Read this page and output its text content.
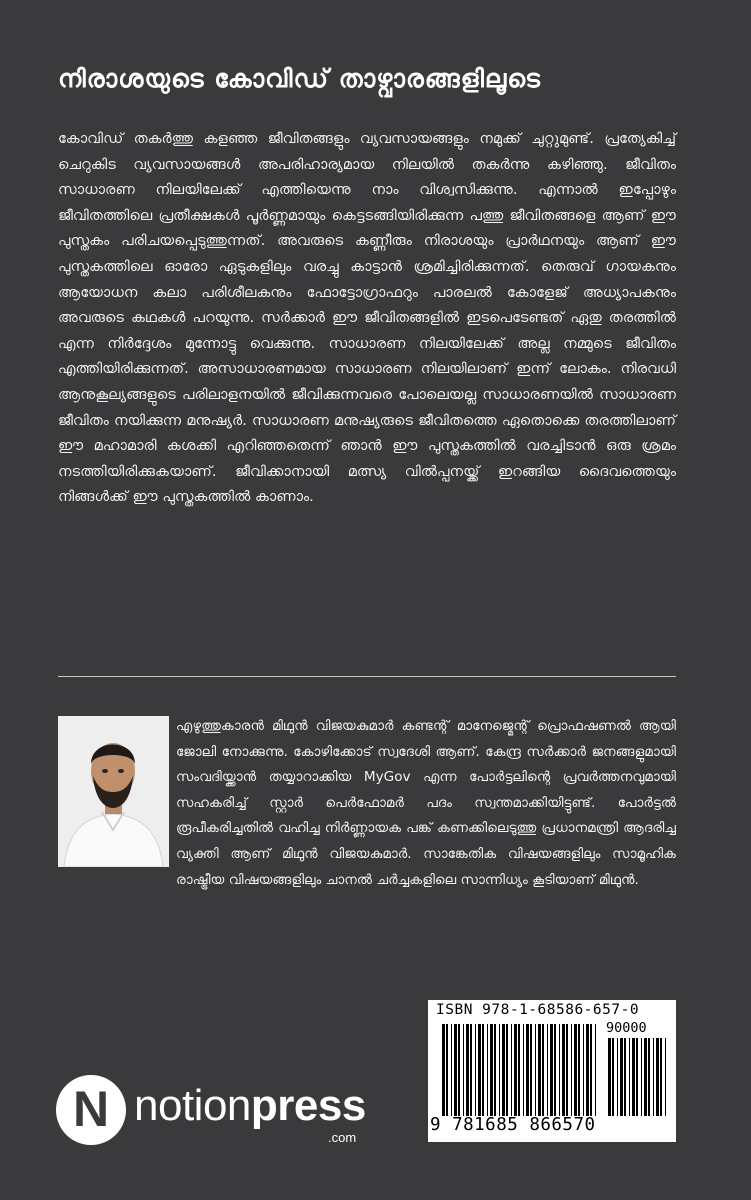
നിരാശയുടെ കോവിഡ് താഴ്വാരങ്ങളിലൂടെ
കോവിഡ് തകർത്തു കളഞ്ഞ ജീവിതങ്ങളും വ്യവസായങ്ങളും നമുക്ക് ചുറ്റുമുണ്ട്. പ്രത്യേകിച്ച് ചെറുകിട വ്യവസായങ്ങൾ അപരിഹാര്യമായ നിലയിൽ തകർന്നു കഴിഞ്ഞു. ജീവിതം സാധാരണ നിലയിലേക്ക് എത്തിയെന്നു നാം വിശ്വസിക്കുന്നു. എന്നാൽ ഇപ്പോഴും ജീവിതത്തിലെ പ്രതീക്ഷകൾ പൂർണ്ണമായും കെട്ടടങ്ങിയിരിക്കുന്ന പത്തു ജീവിതങ്ങളെ ആണ് ഈ പുസ്തകം പരിചയപ്പെടുത്തുന്നത്. അവരുടെ കണ്ണീരും നിരാശയും പ്രാർഥനയും ആണ് ഈ പുസ്തകത്തിലെ ഓരോ ഏടുകളിലും വരച്ചു കാട്ടാൻ ശ്രമിച്ചിരിക്കുന്നത്. തെരുവ് ഗായകനും ആയോധന കലാ പരിശീലകനും ഫോട്ടോഗ്രാഫറും പാരലൽ കോളേജ് അധ്യാപകനും അവരുടെ കഥകൾ പറയുന്നു. സർക്കാർ ഈ ജീവിതങ്ങളിൽ ഇടപെടേണ്ടത് ഏതു തരത്തിൽ എന്ന നിർദ്ദേശം മുന്നോട്ടു വെക്കുന്നു. സാധാരണ നിലയിലേക്ക് അല്ല നമ്മുടെ ജീവിതം എത്തിയിരിക്കുന്നത്. അസാധാരണമായ സാധാരണ നിലയിലാണ് ഇന്ന് ലോകം. നിരവധി ആനുകൂല്യങ്ങളുടെ പരിലാളനയിൽ ജീവിക്കുന്നവരെ പോലെയല്ല സാധാരണയിൽ സാധാരണ ജീവിതം നയിക്കുന്ന മനുഷ്യർ. സാധാരണ മനുഷ്യരുടെ ജീവിതത്തെ ഏതൊക്കെ തരത്തിലാണ് ഈ മഹാമാരി കശക്കി എറിഞ്ഞതെന്ന് ഞാൻ ഈ പുസ്തകത്തിൽ വരച്ചിടാൻ ഒരു ശ്രമം നടത്തിയിരിക്കുകയാണ്. ജീവിക്കാനായി മത്സ്യ വിൽപ്പനയ്ക്ക് ഇറങ്ങിയ ദൈവത്തെയും നിങ്ങൾക്ക് ഈ പുസ്തകത്തിൽ കാണാം.
എഴുത്തുകാരൻ മിഥുൻ വിജയകുമാർ കണ്ടന്റ് മാനേജ്മെന്റ് പ്രൊഫഷണൽ ആയി ജോലി നോക്കുന്നു. കോഴിക്കോട് സ്വദേശി ആണ്. കേന്ദ്ര സർക്കാർ ജനങ്ങളുമായി സംവദിയ്ക്കാൻ തയ്യാറാക്കിയ MyGov എന്ന പോർട്ടലിന്റെ പ്രവർത്തനവുമായി സഹകരിച്ച് സ്റ്റാർ പെർഫോമർ പദം സ്വന്തമാക്കിയിട്ടുണ്ട്. പോർട്ടൽ രൂപീകരിച്ചതിൽ വഹിച്ച നിർണ്ണായക പങ്ക് കണക്കിലെടുത്തു പ്രധാനമന്ത്രി ആദരിച്ച വ്യക്തി ആണ് മിഥുൻ വിജയകുമാർ. സാങ്കേതിക വിഷയങ്ങളിലും സാമൂഹിക രാഷ്ട്രീയ വിഷയങ്ങളിലും ചാനൽ ചർച്ചകളിലെ സാന്നിധ്യം കൂടിയാണ് മിഥുൻ.
ISBN 978-1-68586-657-0
90000
9 781685 866570
N notionpress
.com
